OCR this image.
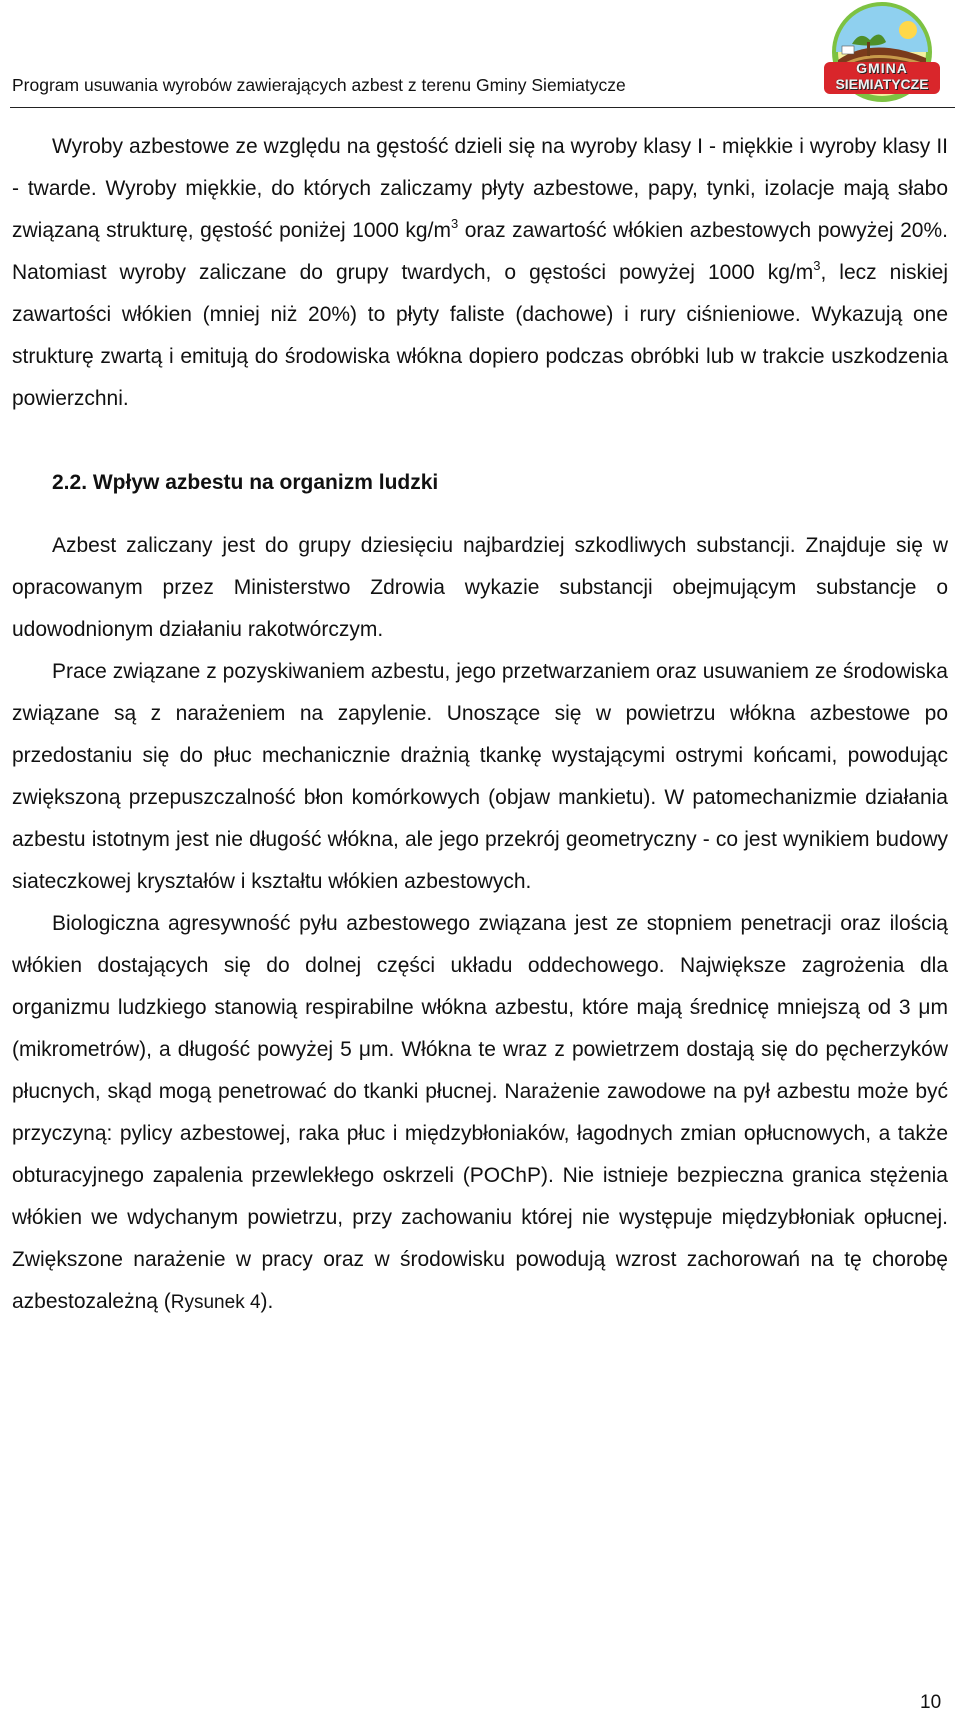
Program usuwania wyrobów zawierających azbest z terenu Gminy Siemiatycze
GMINA
SIEMIATYCZE

Wyroby azbestowe ze względu na gęstość dzieli się na wyroby klasy I - miękkie i wyroby klasy II - twarde. Wyroby miękkie, do których zaliczamy płyty azbestowe, papy, tynki, izolacje mają słabo związaną strukturę, gęstość poniżej 1000 $kg/m^3$ oraz zawartość włókien azbestowych powyżej 20%. Natomiast wyroby zaliczane do grupy twardych, o gęstości powyżej 1000 $kg/m^3$, lecz niskiej zawartości włókien (mniej niż 20%) to płyty faliste (dachowe) i rury ciśnieniowe. Wykazują one strukturę zwartą i emitują do środowiska włókna dopiero podczas obróbki lub w trakcie uszkodzenia powierzchni.

2.2. Wpływ azbestu na organizm ludzki

Azbest zaliczany jest do grupy dziesięciu najbardziej szkodliwych substancji. Znajduje się w opracowanym przez Ministerstwo Zdrowia wykazie substancji obejmującym substancje o udowodnionym działaniu rakotwórczym.

Prace związane z pozyskiwaniem azbestu, jego przetwarzaniem oraz usuwaniem ze środowiska związane są z narażeniem na zapylenie. Unoszące się w powietrzu włókna azbestowe po przedostaniu się do płuc mechanicznie drażnią tkankę wystającymi ostrymi końcami, powodując zwiększoną przepuszczalność błon komórkowych (objaw mankietu). W patomechanizmie działania azbestu istotnym jest nie długość włókna, ale jego przekrój geometryczny - co jest wynikiem budowy siateczkowej kryształów i kształtu włókien azbestowych.

Biologiczna agresywność pyłu azbestowego związana jest ze stopniem penetracji oraz ilością włókien dostających się do dolnej części układu oddechowego. Największe zagrożenia dla organizmu ludzkiego stanowią respirabilne włókna azbestu, które mają średnicę mniejszą od 3 μm (mikrometrów), a długość powyżej 5 μm. Włókna te wraz z powietrzem dostają się do pęcherzyków płucnych, skąd mogą penetrować do tkanki płucnej. Narażenie zawodowe na pył azbestu może być przyczyną: pylicy azbestowej, raka płuc i międzybłoniaków, łagodnych zmian opłucnowych, a także obturacyjnego zapalenia przewlekłego oskrzeli (POChP). Nie istnieje bezpieczna granica stężenia włókien we wdychanym powietrzu, przy zachowaniu której nie występuje międzybłoniak opłucnej. Zwiększone narażenie w pracy oraz w środowisku powodują wzrost zachorowań na tę chorobę azbestozależną (Rysunek 4).

10
